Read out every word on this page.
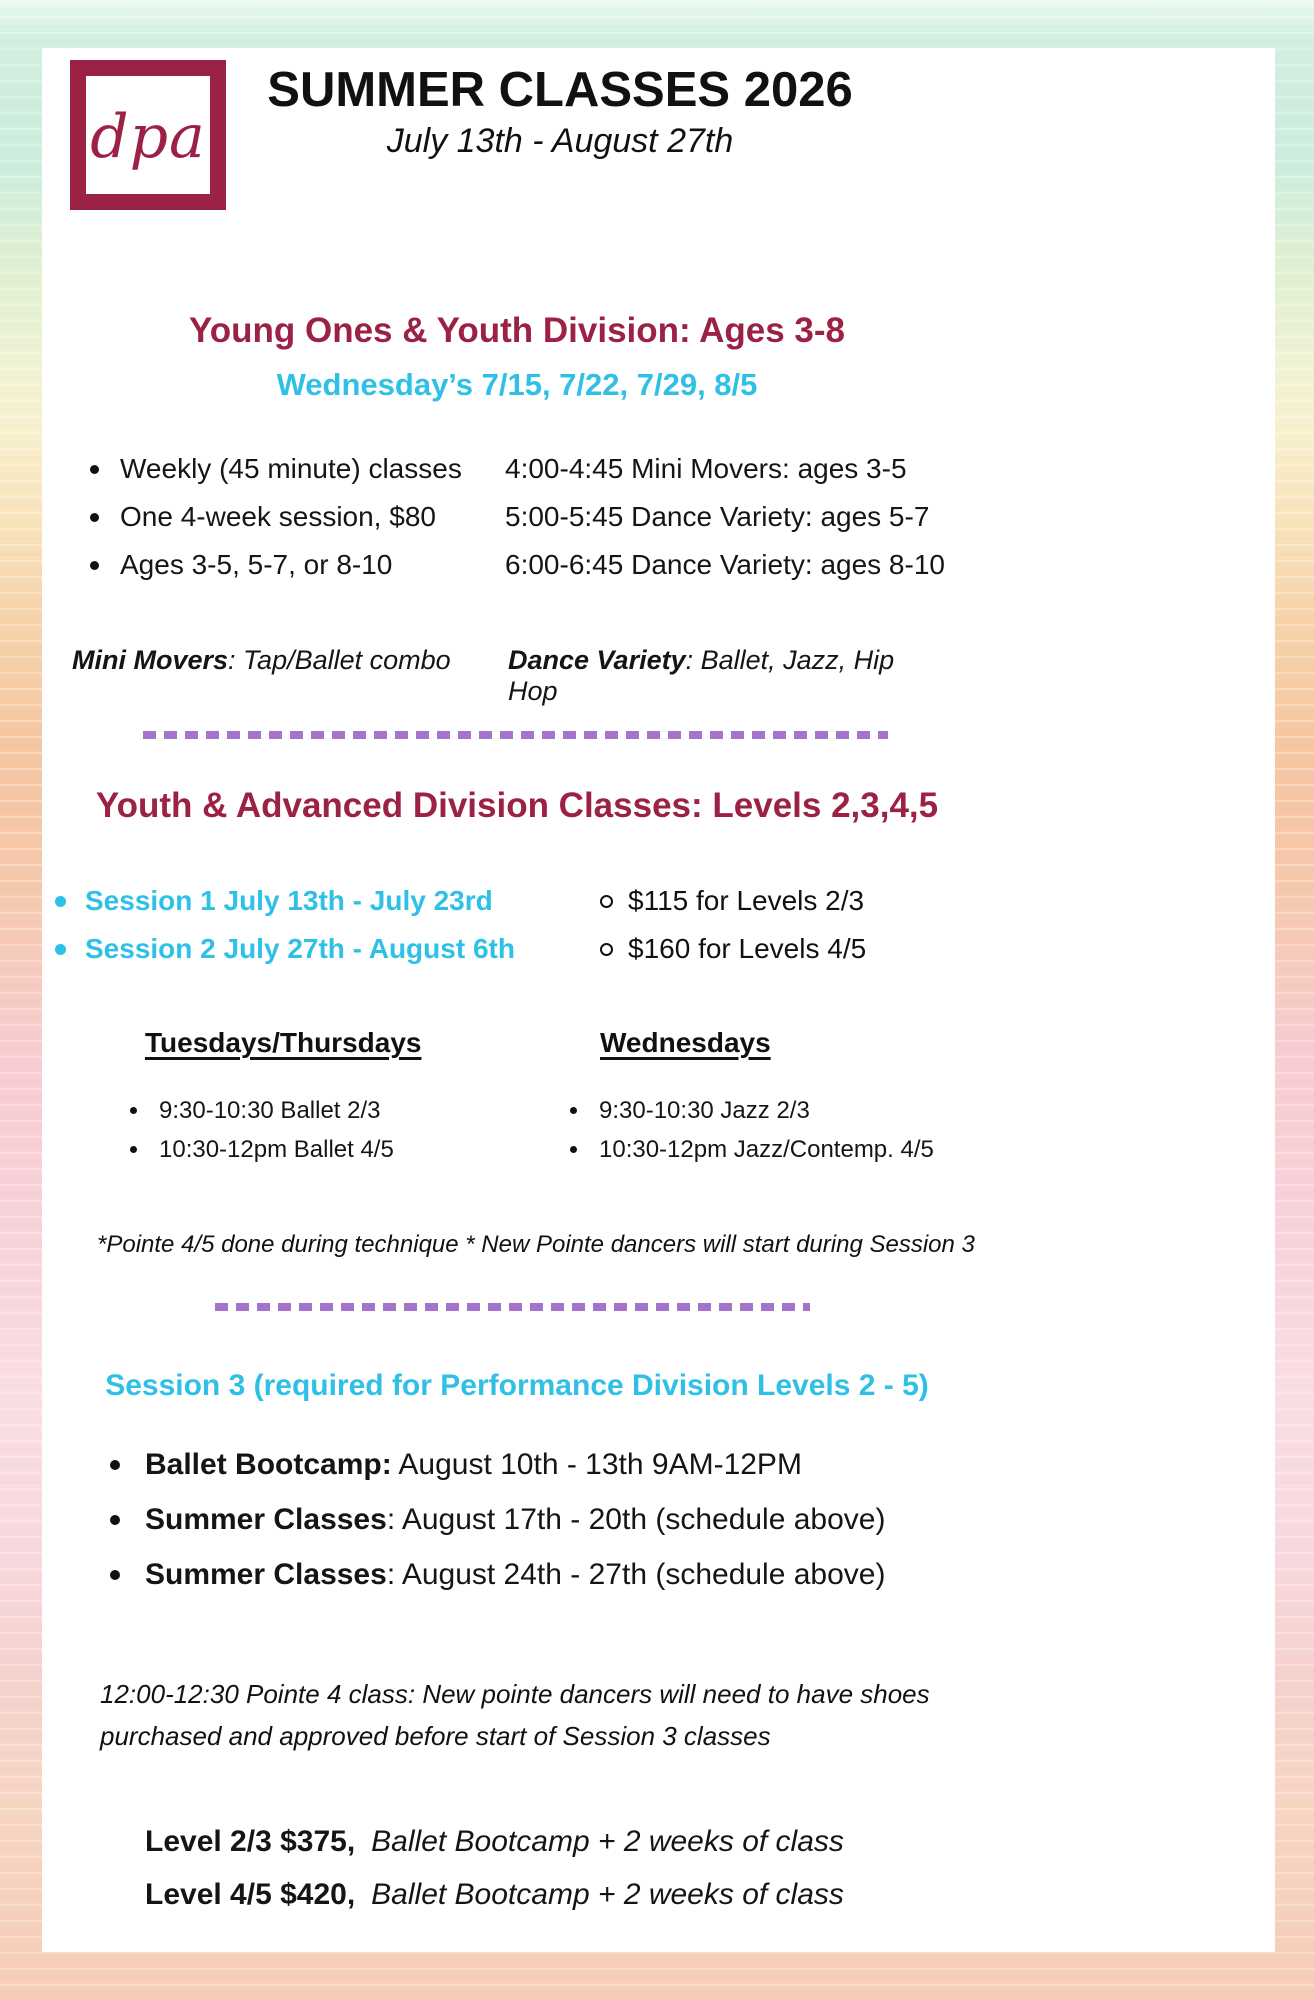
dpa
SUMMER CLASSES 2026
July 13th - August 27th
Young Ones & Youth Division: Ages 3-8
Wednesday’s 7/15, 7/22, 7/29, 8/5
Weekly (45 minute) classes
One 4-week session, $80
Ages 3-5, 5-7, or 8-10
4:00-4:45 Mini Movers: ages 3-5
5:00-5:45 Dance Variety: ages 5-7
6:00-6:45 Dance Variety: ages 8-10
Mini Movers: Tap/Ballet combo	Dance Variety: Ballet, Jazz, Hip Hop
Youth & Advanced Division Classes: Levels 2,3,4,5
Session 1 July 13th - July 23rd
Session 2 July 27th - August 6th
$115 for Levels 2/3
$160 for Levels 4/5
Tuesdays/Thursdays
9:30-10:30 Ballet 2/3
10:30-12pm Ballet 4/5
Wednesdays
9:30-10:30 Jazz 2/3
10:30-12pm Jazz/Contemp. 4/5
*Pointe 4/5 done during technique * New Pointe dancers will start during Session 3
Session 3 (required for Performance Division Levels 2 - 5)
Ballet Bootcamp: August 10th - 13th 9AM-12PM
Summer Classes: August 17th - 20th (schedule above)
Summer Classes: August 24th - 27th (schedule above)
12:00-12:30 Pointe 4 class: New pointe dancers will need to have shoes purchased and approved before start of Session 3 classes
Level 2/3 $375, Ballet Bootcamp + 2 weeks of class
Level 4/5 $420, Ballet Bootcamp + 2 weeks of class
